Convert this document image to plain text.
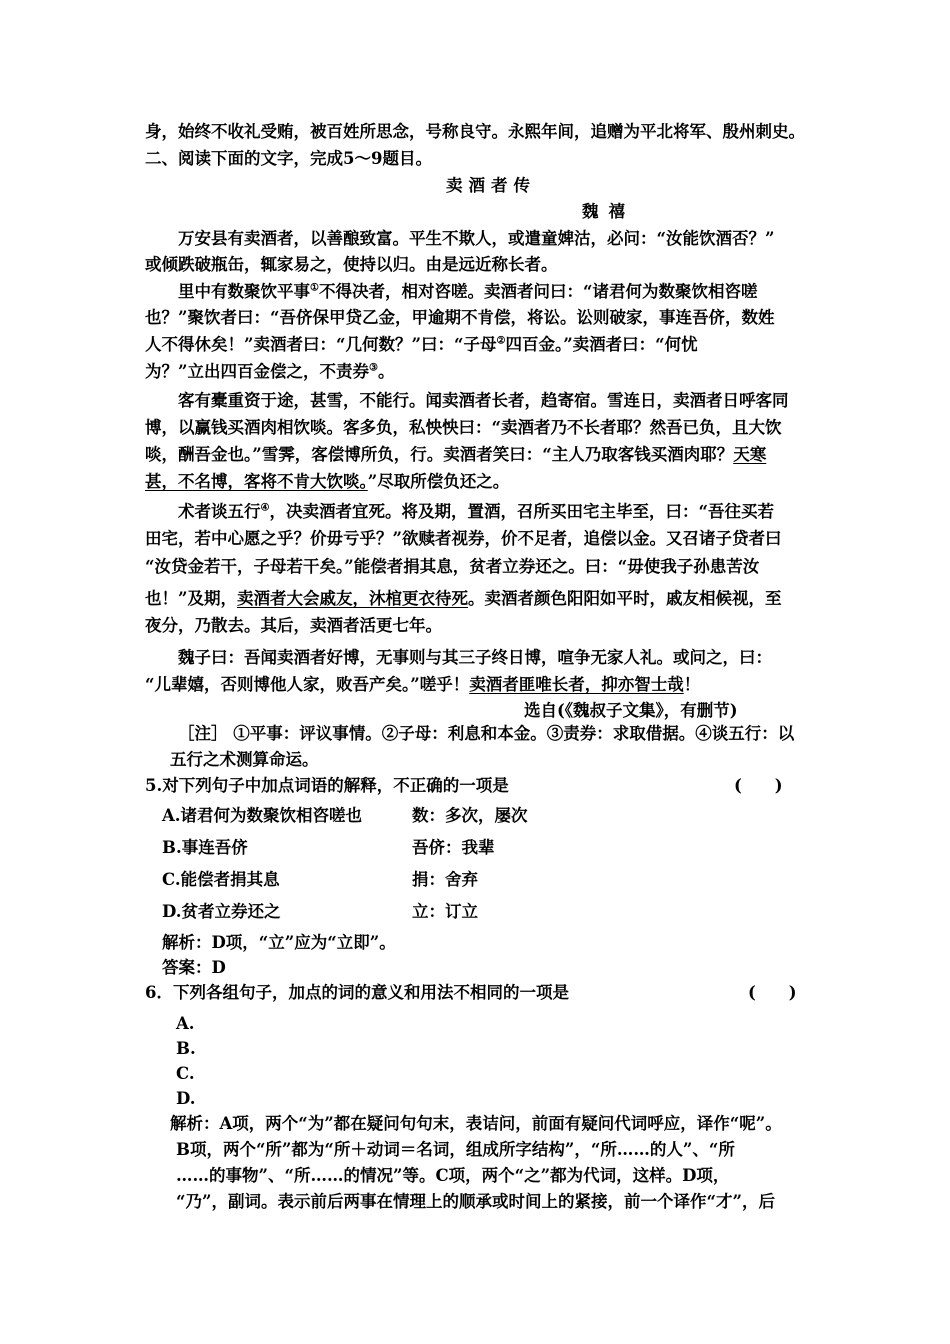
身，始终不收礼受贿，被百姓所思念，号称良守。永熙年间，追赠为平北将军、殷州刺史。
二、阅读下面的文字，完成5～9题目。
卖酒者传
魏禧
万安县有卖酒者，以善酿致富。平生不欺人，或遣童婢沽，必问：“汝能饮酒否？”
或倾跌破瓶缶，辄家易之，使持以归。由是远近称长者。
里中有数聚饮平事①不得决者，相对咨嗟。卖酒者问曰：“诸君何为数聚饮相咨嗟
也？”聚饮者曰：“吾侪保甲贷乙金，甲逾期不肯偿，将讼。讼则破家，事连吾侪，数姓
人不得休矣！”卖酒者曰：“几何数？”曰：“子母②四百金。”卖酒者曰：“何忧
为？”立出四百金偿之，不责券③。
客有橐重资于途，甚雪，不能行。闻卖酒者长者，趋寄宿。雪连日，卖酒者日呼客同
博，以赢钱买酒肉相饮啖。客多负，私怏怏曰：“卖酒者乃不长者耶？然吾已负，且大饮
啖，酬吾金也。”雪霁，客偿博所负，行。卖酒者笑曰：“主人乃取客钱买酒肉耶？天寒
甚，不名博，客将不肯大饮啖。”尽取所偿负还之。
术者谈五行④，决卖酒者宜死。将及期，置酒，召所买田宅主毕至，曰：“吾往买若
田宅，若中心愿之乎？价毋亏乎？”欲赎者视券，价不足者，追偿以金。又召诸子贷者曰
“汝贷金若干，子母若干矣。”能偿者捐其息，贫者立券还之。曰：“毋使我子孙患苦汝
也！”及期，卖酒者大会戚友，沐棺更衣待死。卖酒者颜色阳阳如平时，戚友相候视，至
夜分，乃散去。其后，卖酒者活更七年。
魏子曰：吾闻卖酒者好博，无事则与其三子终日博，喧争无家人礼。或问之，曰：
“儿辈嬉，否则博他人家，败吾产矣。”嗟乎！卖酒者匪唯长者，抑亦智士哉！
选自(《魏叔子文集》，有删节)
［注］ ①平事：评议事情。②子母：利息和本金。③责券：求取借据。④谈五行：以
五行之术测算命运。
5.对下列句子中加点词语的解释，不正确的一项是	(　　)
A.诸君何为数聚饮相咨嗟也	数：多次，屡次
B.事连吾侪	吾侪：我辈
C.能偿者捐其息	捐：舍弃
D.贫者立券还之	立：订立
解析：D项，“立”应为“立即”。
答案：D
6．下列各组句子，加点的词的意义和用法不相同的一项是	(　　)
A.
B.
C.
D.
解析：A项，两个“为”都在疑问句句末，表诘问，前面有疑问代词呼应，译作“呢”。
B项，两个“所”都为“所＋动词＝名词，组成所字结构”，“所……的人”、“所
……的事物”、“所……的情况”等。C项，两个“之”都为代词，这样。D项，
“乃”，副词。表示前后两事在情理上的顺承或时间上的紧接，前一个译作“才”，后
